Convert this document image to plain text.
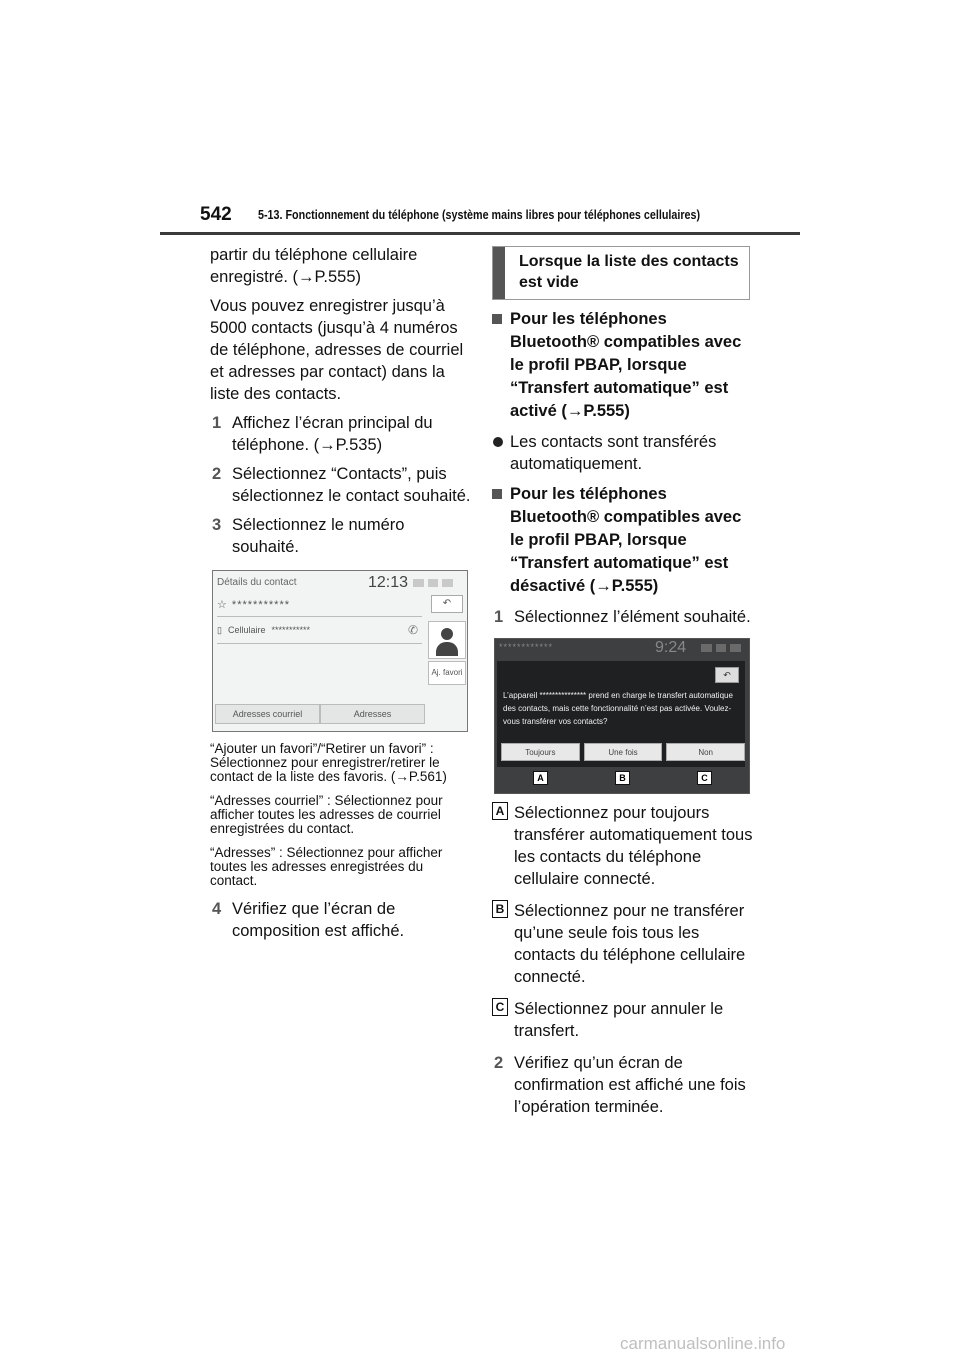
542 5-13. Fonctionnement du téléphone (système mains libres pour téléphones cellulaires)

partir du téléphone cellulaire enregistré. (→P.555)

Vous pouvez enregistrer jusqu’à 5000 contacts (jusqu’à 4 numéros de téléphone, adresses de courriel et adresses par contact) dans la liste des contacts.

1 Affichez l’écran principal du téléphone. (→P.535)
2 Sélectionnez “Contacts”, puis sélectionnez le contact souhaité.
3 Sélectionnez le numéro souhaité.
Détails du contact	12:13
☆ ***********	↶
▯ Cellulaire ***********	✆
Aj. favori
Adresses courriel	Adresses

“Ajouter un favori”/“Retirer un favori” : Sélectionnez pour enregistrer/retirer le contact de la liste des favoris. (→P.561)

“Adresses courriel” : Sélectionnez pour afficher toutes les adresses de courriel enregistrées du contact.

“Adresses” : Sélectionnez pour afficher toutes les adresses enregistrées du contact.

4 Vérifiez que l’écran de composition est affiché.
Lorsque la liste des contacts est vide
Pour les téléphones Bluetooth® compatibles avec le profil PBAP, lorsque “Transfert automatique” est activé (→P.555)
Les contacts sont transférés automatiquement.
Pour les téléphones Bluetooth® compatibles avec le profil PBAP, lorsque “Transfert automatique” est désactivé (→P.555)
1 Sélectionnez l’élément souhaité.
************	9:24
↶
L’appareil *************** prend en charge le transfert automatique des contacts, mais cette fonctionnalité n’est pas activée. Voulez-vous transférer vos contacts?
Toujours	Une fois	Non
A	B	C
A Sélectionnez pour toujours transférer automatiquement tous les contacts du téléphone cellulaire connecté.
B Sélectionnez pour ne transférer qu’une seule fois tous les contacts du téléphone cellulaire connecté.
C Sélectionnez pour annuler le transfert.
2 Vérifiez qu’un écran de confirmation est affiché une fois l’opération terminée.
carmanualsonline.info
